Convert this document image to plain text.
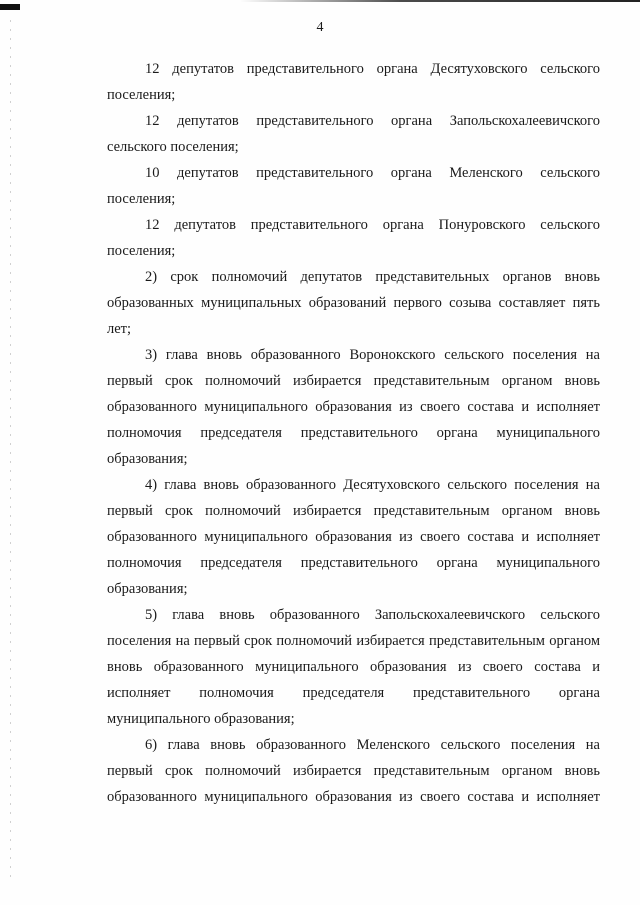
4

12 депутатов представительного органа Десятуховского сельского поселения;

12 депутатов представительного органа Запольскохалеевичского сельского поселения;

10 депутатов представительного органа Меленского сельского поселения;

12 депутатов представительного органа Понуровского сельского поселения;

2) срок полномочий депутатов представительных органов вновь образованных муниципальных образований первого созыва составляет пять лет;

3) глава вновь образованного Воронокского сельского поселения на первый срок полномочий избирается представительным органом вновь образованного муниципального образования из своего состава и исполняет полномочия председателя представительного органа муниципального образования;

4) глава вновь образованного Десятуховского сельского поселения на первый срок полномочий избирается представительным органом вновь образованного муниципального образования из своего состава и исполняет полномочия председателя представительного органа муниципального образования;

5) глава вновь образованного Запольскохалеевичского сельского поселения на первый срок полномочий избирается представительным органом вновь образованного муниципального образования из своего состава и исполняет полномочия председателя представительного органа муниципального образования;

6) глава вновь образованного Меленского сельского поселения на первый срок полномочий избирается представительным органом вновь образованного муниципального образования из своего состава и исполняет
